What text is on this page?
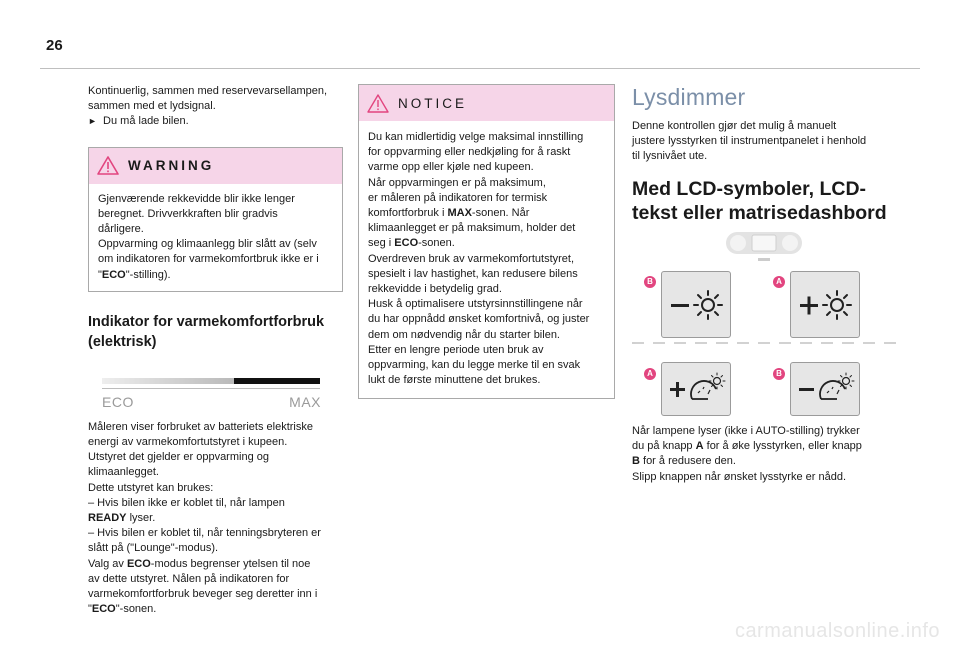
26
Kontinuerlig, sammen med reservevarsellampen,
sammen med et lydsignal.
► Du må lade bilen.
WARNING
Gjenværende rekkevidde blir ikke lenger
beregnet. Drivverkkraften blir gradvis
dårligere.
Oppvarming og klimaanlegg blir slått av (selv
om indikatoren for varmekomfortbruk ikke er i
"ECO"-stilling).
Indikator for varmekomfortforbruk
(elektrisk)
ECO	MAX
Måleren viser forbruket av batteriets elektriske
energi av varmekomfortutstyret i kupeen.
Utstyret det gjelder er oppvarming og
klimaanlegget.
Dette utstyret kan brukes:
– Hvis bilen ikke er koblet til, når lampen
READY lyser.
– Hvis bilen er koblet til, når tenningsbryteren er
slått på ("Lounge"-modus).
Valg av ECO-modus begrenser ytelsen til noe
av dette utstyret. Nålen på indikatoren for
varmekomfortforbruk beveger seg deretter inn i
"ECO"-sonen.
NOTICE
Du kan midlertidig velge maksimal innstilling
for oppvarming eller nedkjøling for å raskt
varme opp eller kjøle ned kupeen.
Når oppvarmingen er på maksimum,
er måleren på indikatoren for termisk
komfortforbruk i MAX-sonen. Når
klimaanlegget er på maksimum, holder det
seg i ECO-sonen.
Overdreven bruk av varmekomfortutstyret,
spesielt i lav hastighet, kan redusere bilens
rekkevidde i betydelig grad.
Husk å optimalisere utstyrsinnstillingene når
du har oppnådd ønsket komfortnivå, og juster
dem om nødvendig når du starter bilen.
Etter en lengre periode uten bruk av
oppvarming, kan du legge merke til en svak
lukt de første minuttene det brukes.
Lysdimmer
Denne kontrollen gjør det mulig å manuelt
justere lysstyrken til instrumentpanelet i henhold
til lysnivået ute.
Med LCD-symboler, LCD-
tekst eller matrisedashbord
B	A
A	B
Når lampene lyser (ikke i AUTO-stilling) trykker
du på knapp A for å øke lysstyrken, eller knapp
B for å redusere den.
Slipp knappen når ønsket lysstyrke er nådd.
carmanualsonline.info
